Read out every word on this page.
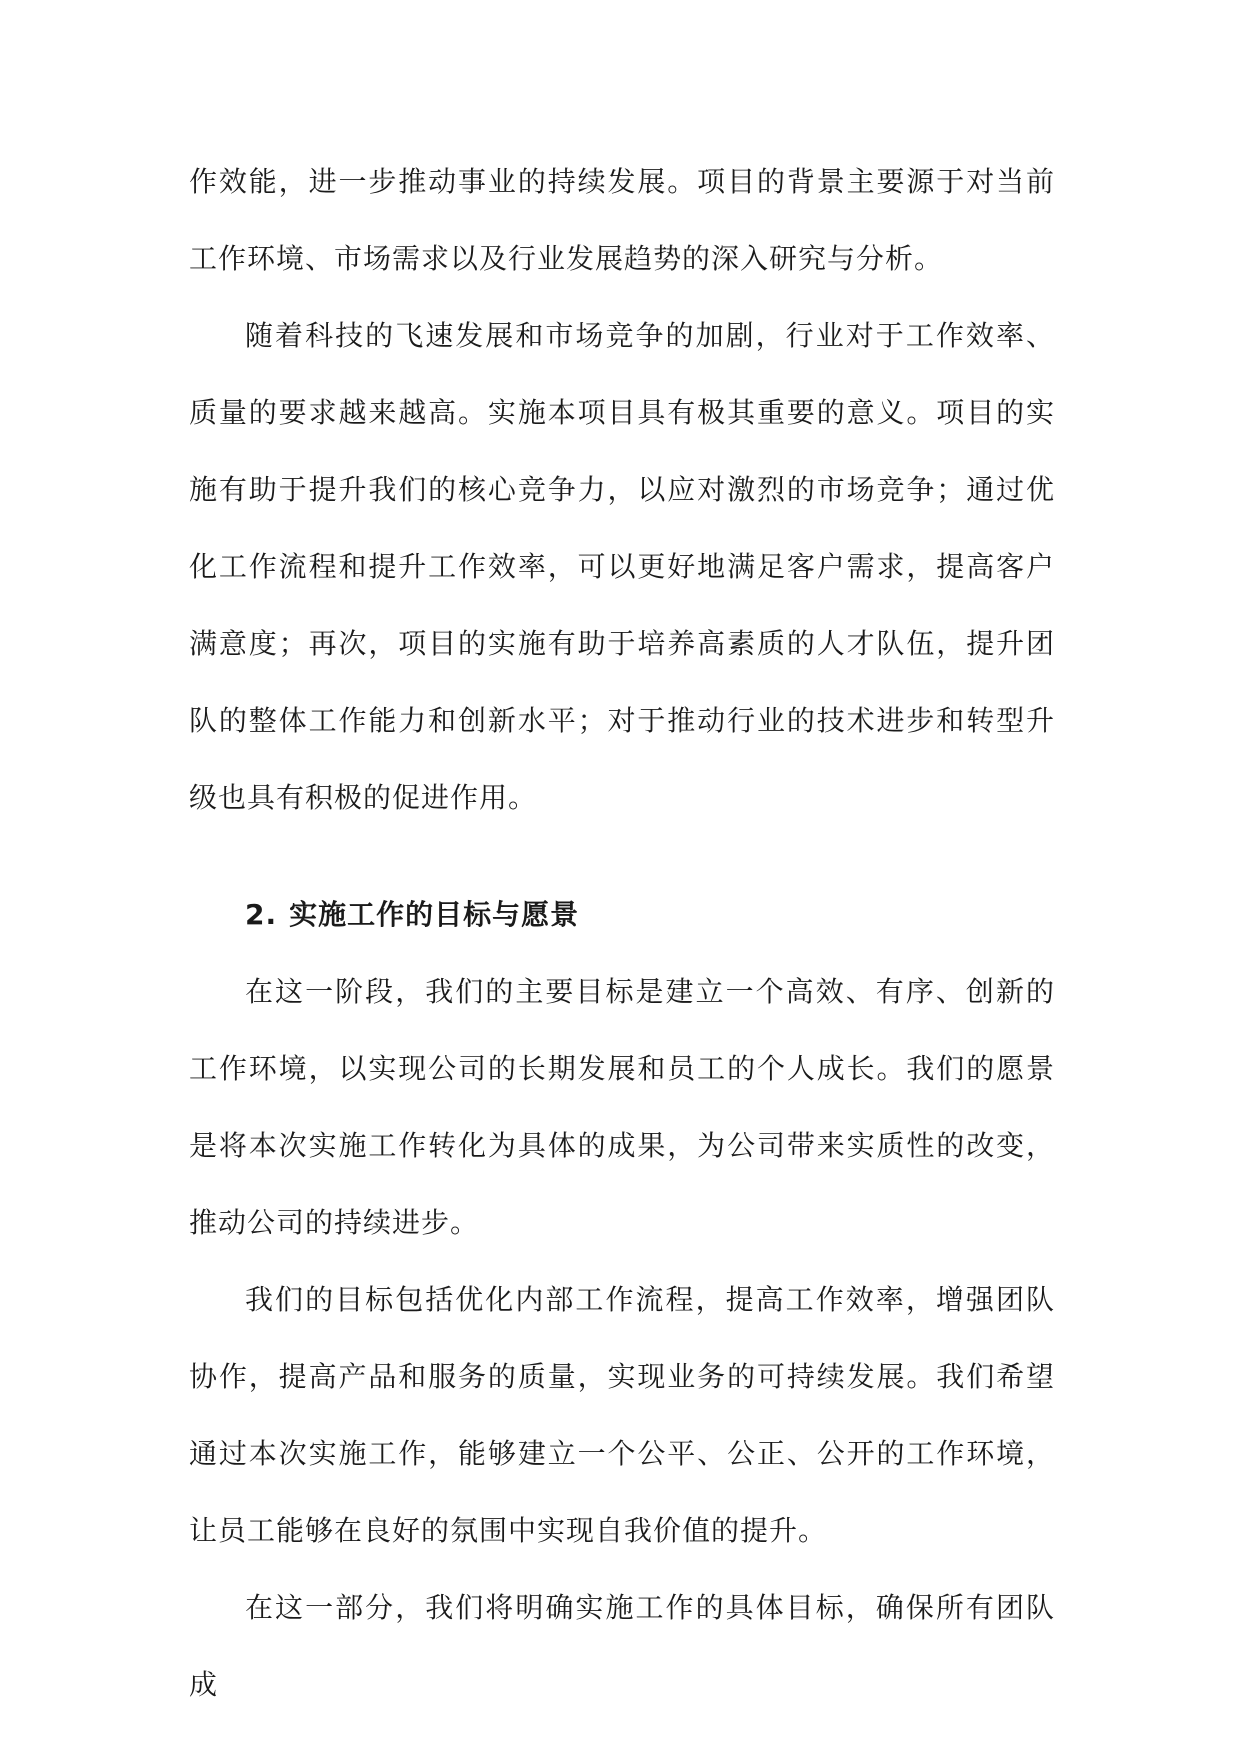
作效能，进一步推动事业的持续发展。项目的背景主要源于对当前工作环境、市场需求以及行业发展趋势的深入研究与分析。

随着科技的飞速发展和市场竞争的加剧，行业对于工作效率、质量的要求越来越高。实施本项目具有极其重要的意义。项目的实施有助于提升我们的核心竞争力，以应对激烈的市场竞争；通过优化工作流程和提升工作效率，可以更好地满足客户需求，提高客户满意度；再次，项目的实施有助于培养高素质的人才队伍，提升团队的整体工作能力和创新水平；对于推动行业的技术进步和转型升级也具有积极的促进作用。

2. 实施工作的目标与愿景

在这一阶段，我们的主要目标是建立一个高效、有序、创新的工作环境，以实现公司的长期发展和员工的个人成长。我们的愿景是将本次实施工作转化为具体的成果，为公司带来实质性的改变，推动公司的持续进步。

我们的目标包括优化内部工作流程，提高工作效率，增强团队协作，提高产品和服务的质量，实现业务的可持续发展。我们希望通过本次实施工作，能够建立一个公平、公正、公开的工作环境，让员工能够在良好的氛围中实现自我价值的提升。

在这一部分，我们将明确实施工作的具体目标，确保所有团队成
